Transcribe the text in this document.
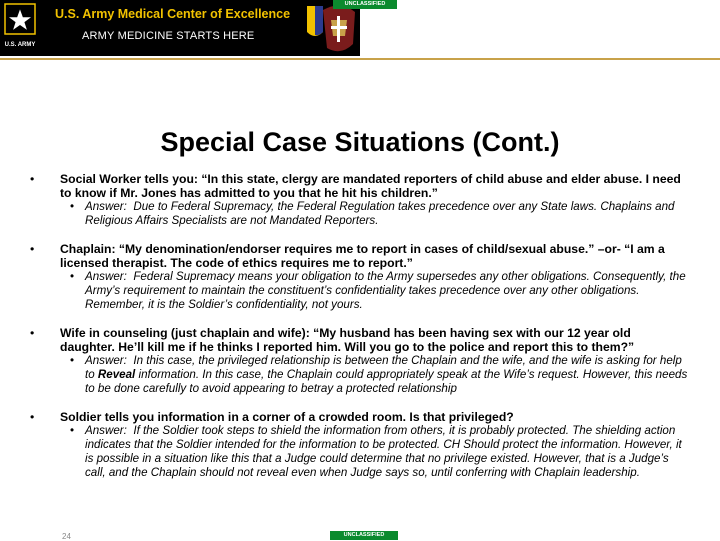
U.S. ARMY
U.S. Army Medical Center of Excellence
ARMY MEDICINE STARTS HERE
UNCLASSIFIED
Special Case Situations (Cont.)
•	Social Worker tells you: “In this state, clergy are mandated reporters of child abuse and elder abuse. I need to know if Mr. Jones has admitted to you that he hit his children.”
• Answer: Due to Federal Supremacy, the Federal Regulation takes precedence over any State laws. Chaplains and Religious Affairs Specialists are not Mandated Reporters.
•	Chaplain: “My denomination/endorser requires me to report in cases of child/sexual abuse.” –or- “I am a licensed therapist. The code of ethics requires me to report.”
• Answer: Federal Supremacy means your obligation to the Army supersedes any other obligations. Consequently, the Army’s requirement to maintain the constituent’s confidentiality takes precedence over any other obligations. Remember, it is the Soldier’s confidentiality, not yours.
•	Wife in counseling (just chaplain and wife): “My husband has been having sex with our 12 year old daughter. He’ll kill me if he thinks I reported him. Will you go to the police and report this to them?”
• Answer: In this case, the privileged relationship is between the Chaplain and the wife, and the wife is asking for help to Reveal information. In this case, the Chaplain could appropriately speak at the Wife’s request. However, this needs to be done carefully to avoid appearing to betray a protected relationship
•	Soldier tells you information in a corner of a crowded room. Is that privileged?
• Answer: If the Soldier took steps to shield the information from others, it is probably protected. The shielding action indicates that the Soldier intended for the information to be protected. CH Should protect the information. However, it is possible in a situation like this that a Judge could determine that no privilege existed. However, that is a Judge’s call, and the Chaplain should not reveal even when Judge says so, until conferring with Chaplain leadership.
24	UNCLASSIFIED
